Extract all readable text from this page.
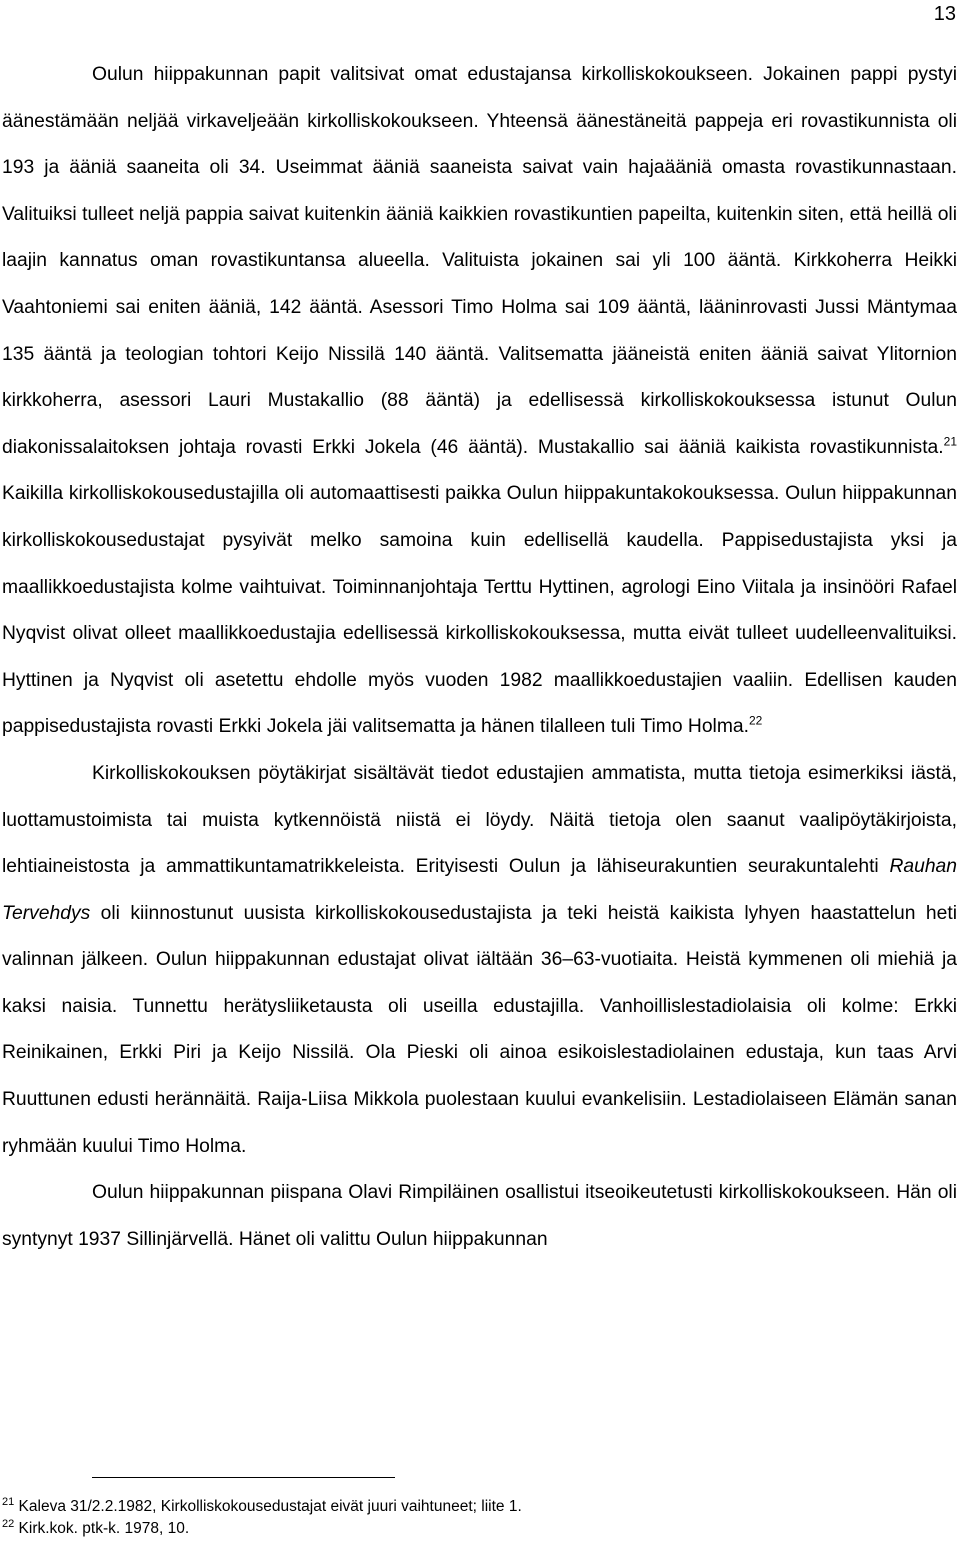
13

Oulun hiippakunnan papit valitsivat omat edustajansa kirkolliskokoukseen. Jokainen pappi pystyi äänestämään neljää virkaveljeään kirkolliskokoukseen. Yhteensä äänestäneitä pappeja eri rovastikunnista oli 193 ja ääniä saaneita oli 34. Useimmat ääniä saaneista saivat vain hajaääniä omasta rovastikunnastaan. Valituiksi tulleet neljä pappia saivat kuitenkin ääniä kaikkien rovastikuntien papeilta, kuitenkin siten, että heillä oli laajin kannatus oman rovastikuntansa alueella. Valituista jokainen sai yli 100 ääntä. Kirkkoherra Heikki Vaahtoniemi sai eniten ääniä, 142 ääntä. Asessori Timo Holma sai 109 ääntä, lääninrovasti Jussi Mäntymaa 135 ääntä ja teologian tohtori Keijo Nissilä 140 ääntä. Valitsematta jääneistä eniten ääniä saivat Ylitornion kirkkoherra, asessori Lauri Mustakallio (88 ääntä) ja edellisessä kirkolliskokouksessa istunut Oulun diakonissalaitoksen johtaja rovasti Erkki Jokela (46 ääntä). Mustakallio sai ääniä kaikista rovastikunnista.$^{21}$ Kaikilla kirkolliskokousedustajilla oli automaattisesti paikka Oulun hiippakuntakokouksessa. Oulun hiippakunnan kirkolliskokousedustajat pysyivät melko samoina kuin edellisellä kaudella. Pappisedustajista yksi ja maallikkoedustajista kolme vaihtuivat. Toiminnanjohtaja Terttu Hyttinen, agrologi Eino Viitala ja insinööri Rafael Nyqvist olivat olleet maallikkoedustajia edellisessä kirkolliskokouksessa, mutta eivät tulleet uudelleenvalituiksi. Hyttinen ja Nyqvist oli asetettu ehdolle myös vuoden 1982 maallikkoedustajien vaaliin. Edellisen kauden pappisedustajista rovasti Erkki Jokela jäi valitsematta ja hänen tilalleen tuli Timo Holma.$^{22}$

Kirkolliskokouksen pöytäkirjat sisältävät tiedot edustajien ammatista, mutta tietoja esimerkiksi iästä, luottamustoimista tai muista kytkennöistä niistä ei löydy. Näitä tietoja olen saanut vaalipöytäkirjoista, lehtiaineistosta ja ammattikuntamatrikkeleista. Erityisesti Oulun ja lähiseurakuntien seurakuntalehti Rauhan Tervehdys oli kiinnostunut uusista kirkolliskokousedustajista ja teki heistä kaikista lyhyen haastattelun heti valinnan jälkeen. Oulun hiippakunnan edustajat olivat iältään 36–63-vuotiaita. Heistä kymmenen oli miehiä ja kaksi naisia. Tunnettu herätysliiketausta oli useilla edustajilla. Vanhoillislestadiolaisia oli kolme: Erkki Reinikainen, Erkki Piri ja Keijo Nissilä. Ola Pieski oli ainoa esikoislestadiolainen edustaja, kun taas Arvi Ruuttunen edusti herännäitä. Raija-Liisa Mikkola puolestaan kuului evankelisiin. Lestadiolaiseen Elämän sanan ryhmään kuului Timo Holma.

Oulun hiippakunnan piispana Olavi Rimpiläinen osallistui itseoikeutetusti kirkolliskokoukseen. Hän oli syntynyt 1937 Sillinjärvellä. Hänet oli valittu Oulun hiippakunnan

$^{21}$ Kaleva 31/2.2.1982, Kirkolliskokousedustajat eivät juuri vaihtuneet; liite 1.
$^{22}$ Kirk.kok. ptk-k. 1978, 10.
